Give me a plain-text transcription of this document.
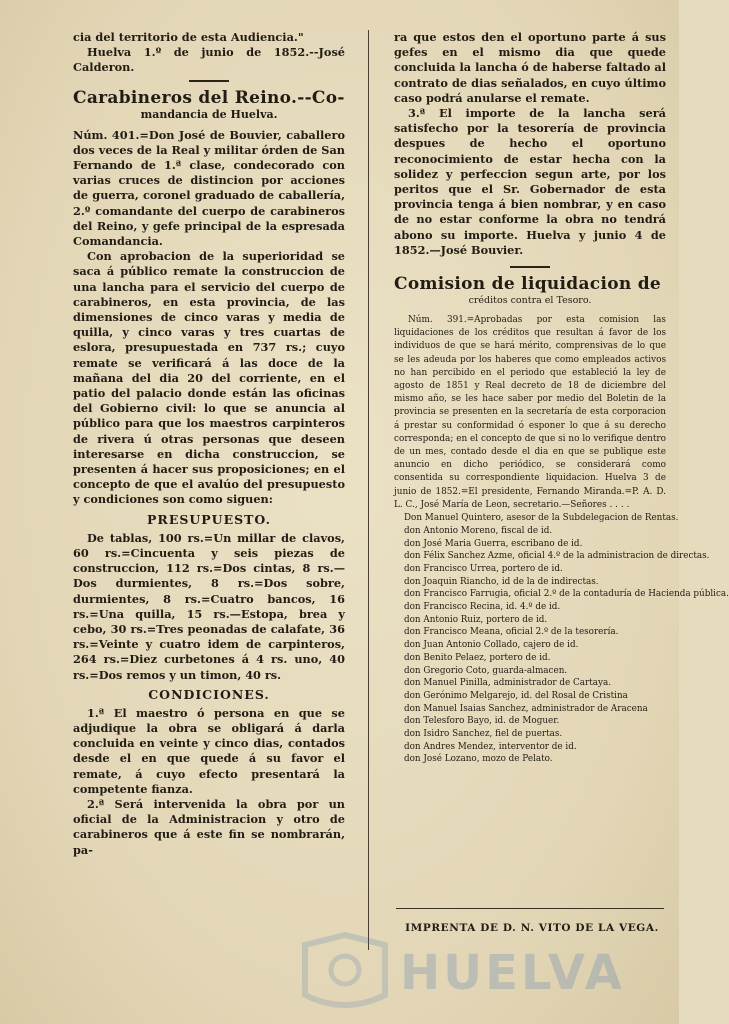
cia del territorio de esta Audiencia."

Huelva 1.º de junio de 1852.--José Calderon.

Carabineros del Reino.--Co-
mandancia de Huelva.

Núm. 401.=Don José de Bouvier, caballero dos veces de la Real y militar órden de San Fernando de 1.ª clase, condecorado con varias cruces de distincion por acciones de guerra, coronel graduado de caballería, 2.º comandante del cuerpo de carabineros del Reino, y gefe principal de la espresada Comandancia.

Con aprobacion de la superioridad se saca á público remate la construccion de una lancha para el servicio del cuerpo de carabineros, en esta provincia, de las dimensiones de cinco varas y media de quilla, y cinco varas y tres cuartas de eslora, presupuestada en 737 rs.; cuyo remate se verificará á las doce de la mañana del dia 20 del corriente, en el patio del palacio donde están las oficinas del Gobierno civil: lo que se anuncia al público para que los maestros carpinteros de rivera ú otras personas que deseen interesarse en dicha construccion, se presenten á hacer sus proposiciones; en el concepto de que el avalúo del presupuesto y condiciones son como siguen:

PRESUPUESTO.

De tablas, 100 rs.=Un millar de clavos, 60 rs.=Cincuenta y seis piezas de construccion, 112 rs.=Dos cintas, 8 rs.—Dos durmientes, 8 rs.=Dos sobre, durmientes, 8 rs.=Cuatro bancos, 16 rs.=Una quilla, 15 rs.—Estopa, brea y cebo, 30 rs.=Tres peonadas de calafate, 36 rs.=Veinte y cuatro idem de carpinteros, 264 rs.=Diez curbetones á 4 rs. uno, 40 rs.=Dos remos y un timon, 40 rs.

CONDICIONES.

1.ª El maestro ó persona en que se adjudique la obra se obligará á darla concluida en veinte y cinco dias, contados desde el en que quede á su favor el remate, á cuyo efecto presentará la competente fianza.

2.ª Será intervenida la obra por un oficial de la Administracion y otro de carabineros que á este fin se nombrarán, pa-

ra que estos den el oportuno parte á sus gefes en el mismo dia que quede concluida la lancha ó de haberse faltado al contrato de dias señalados, en cuyo último caso podrá anularse el remate.

3.ª El importe de la lancha será satisfecho por la tesorería de provincia despues de hecho el oportuno reconocimiento de estar hecha con la solidez y perfeccion segun arte, por los peritos que el Sr. Gobernador de esta provincia tenga á bien nombrar, y en caso de no estar conforme la obra no tendrá abono su importe. Huelva y junio 4 de 1852.—José Bouvier.

Comision de liquidacion de
créditos contra el Tesoro.

Núm. 391.=Aprobadas por esta comision las liquidaciones de los créditos que resultan á favor de los individuos de que se hará mérito, comprensivas de lo que se les adeuda por los haberes que como empleados activos no han percibido en el periodo que estableció la ley de agosto de 1851 y Real decreto de 18 de diciembre del mismo año, se les hace saber por medio del Boletin de la provincia se presenten en la secretaría de esta corporacion á prestar su conformidad ó esponer lo que á su derecho corresponda; en el concepto de que si no lo verifique dentro de un mes, contado desde el dia en que se publique este anuncio en dicho periódico, se considerará como consentida su correspondiente liquidacion. Huelva 3 de junio de 1852.=El presidente, Fernando Miranda.=P. A. D. L. C., José María de Leon, secretario.—Señores . . . .

Don Manuel Quintero, asesor de la Subdelegacion de Rentas.
don Antonio Moreno, fiscal de id.
don José Maria Guerra, escribano de id.
don Félix Sanchez Azme, oficial 4.º de la administracion de directas.
don Francisco Urrea, portero de id.
don Joaquin Riancho, id de la de indirectas.
don Francisco Farrugia, oficial 2.º de la contaduría de Hacienda pública.
don Francisco Recina, id. 4.º de id.
don Antonio Ruiz, portero de id.
don Francisco Meana, oficial 2.º de la tesorería.
don Juan Antonio Collado, cajero de id.
don Benito Pelaez, portero de id.
don Gregorio Coto, guarda-almacen.
don Manuel Pinilla, administrador de Cartaya.
don Gerónimo Melgarejo, id. del Rosal de Cristina
don Manuel Isaias Sanchez, administrador de Aracena
don Telesforo Bayo, id. de Moguer.
don Isidro Sanchez, fiel de puertas.
don Andres Mendez, interventor de id.
don José Lozano, mozo de Pelato.
IMPRENTA DE D. N. VITO DE LA VEGA.
HUELVA
